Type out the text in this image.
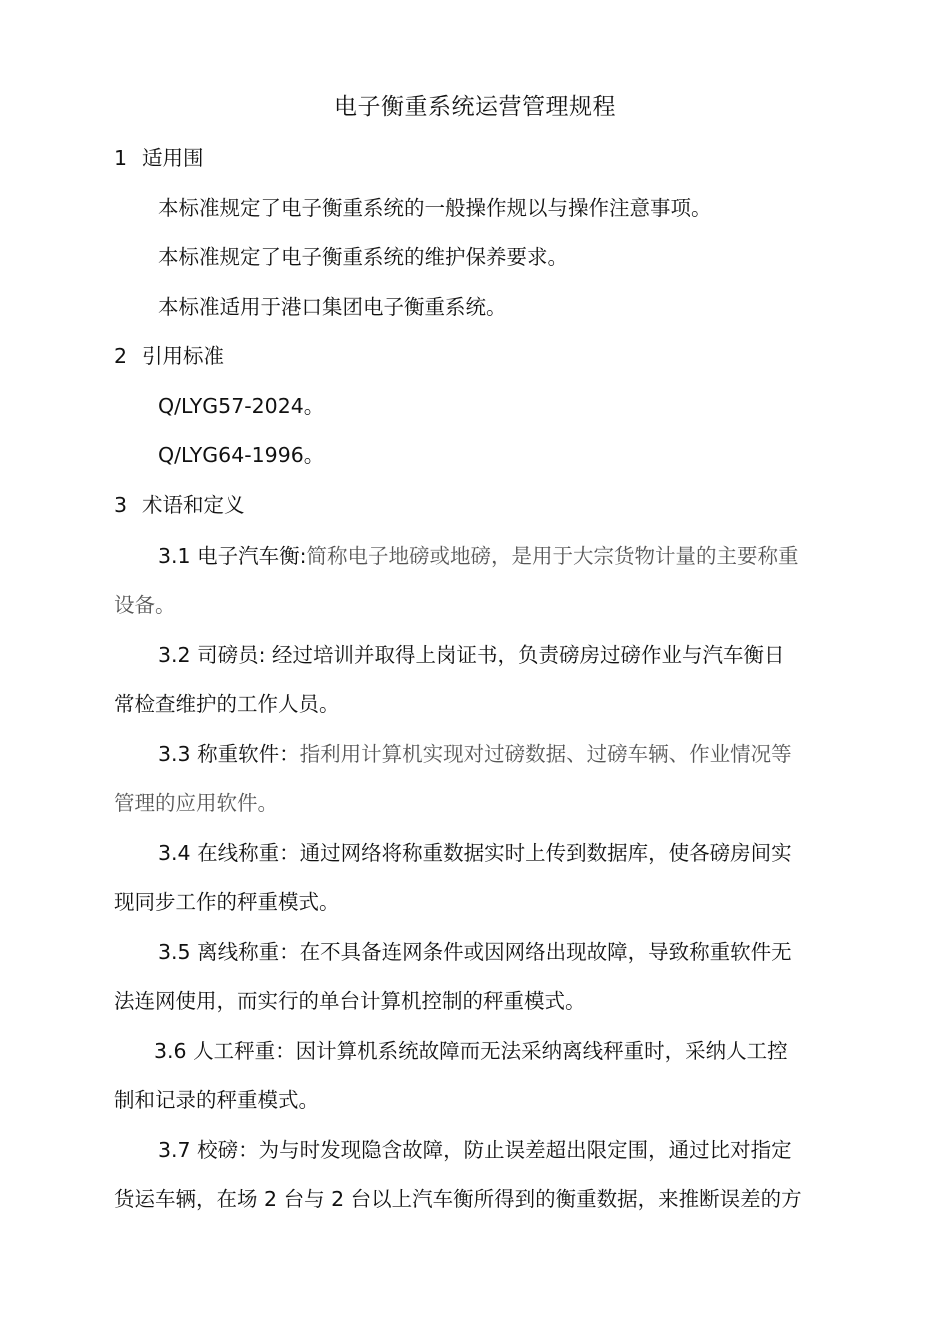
电子衡重系统运营管理规程
1 适用围
本标准规定了电子衡重系统的一般操作规以与操作注意事项。
本标准规定了电子衡重系统的维护保养要求。
本标准适用于港口集团电子衡重系统。
2 引用标准
Q/LYG57-2024。
Q/LYG64-1996。
3 术语和定义
3.1 电子汽车衡:简称电子地磅或地磅，是用于大宗货物计量的主要称重
设备。
3.2 司磅员: 经过培训并取得上岗证书，负责磅房过磅作业与汽车衡日
常检查维护的工作人员。
3.3 称重软件：指利用计算机实现对过磅数据、过磅车辆、作业情况等
管理的应用软件。
3.4 在线称重：通过网络将称重数据实时上传到数据库，使各磅房间实
现同步工作的秤重模式。
3.5 离线称重：在不具备连网条件或因网络出现故障，导致称重软件无
法连网使用，而实行的单台计算机控制的秤重模式。
3.6 人工秤重：因计算机系统故障而无法采纳离线秤重时，采纳人工控
制和记录的秤重模式。
3.7 校磅：为与时发现隐含故障，防止误差超出限定围，通过比对指定
货运车辆，在场 2 台与 2 台以上汽车衡所得到的衡重数据，来推断误差的方
